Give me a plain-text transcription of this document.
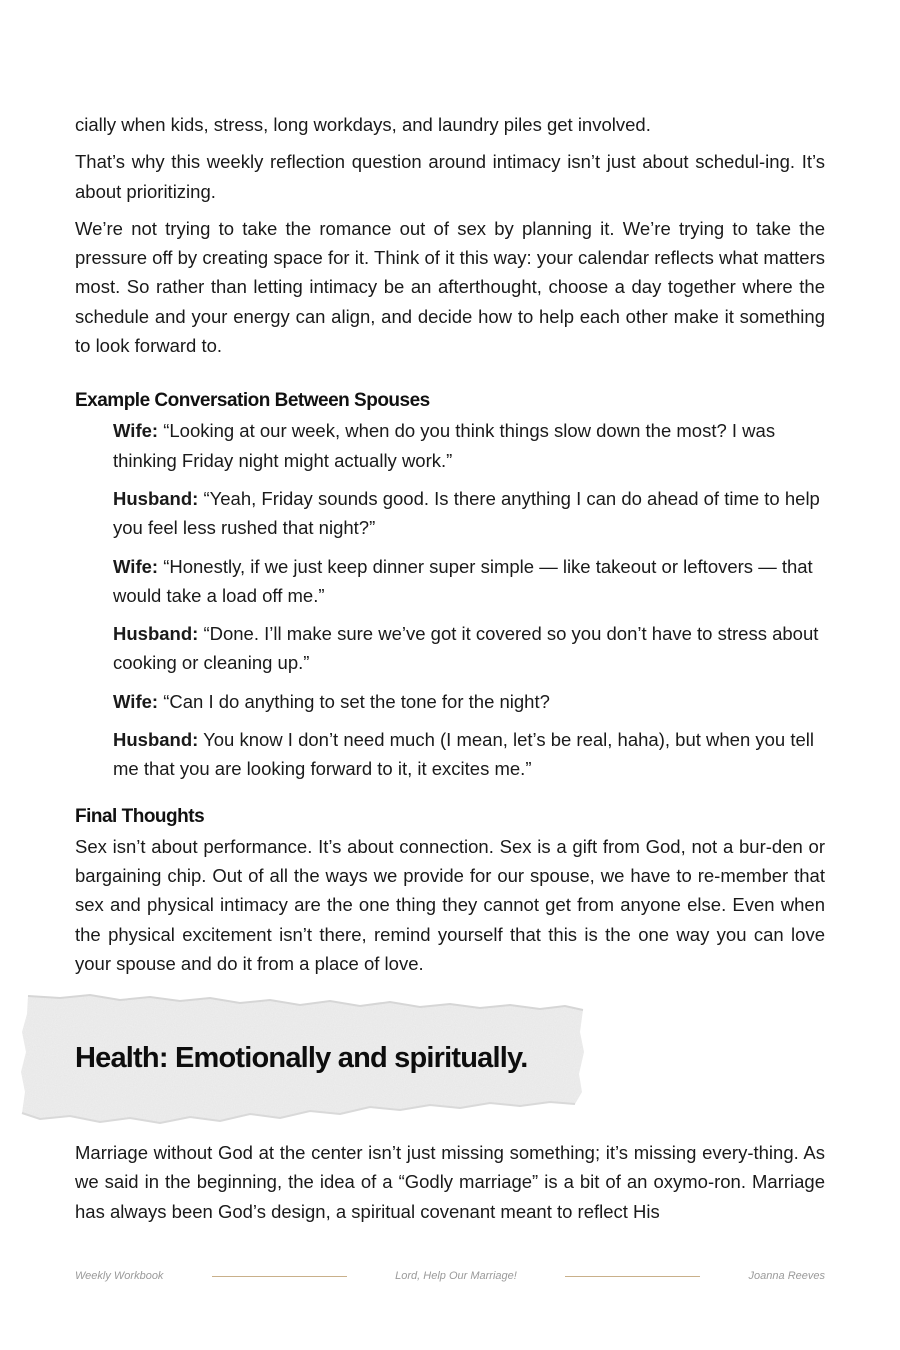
cially when kids, stress, long workdays, and laundry piles get involved.

That’s why this weekly reflection question around intimacy isn’t just about schedul-ing. It’s about prioritizing.

We’re not trying to take the romance out of sex by planning it. We’re trying to take the pressure off by creating space for it. Think of it this way: your calendar reflects what matters most. So rather than letting intimacy be an afterthought, choose a day together where the schedule and your energy can align, and decide how to help each other make it something to look forward to.

Example Conversation Between Spouses

Wife: “Looking at our week, when do you think things slow down the most? I was thinking Friday night might actually work.”

Husband: “Yeah, Friday sounds good. Is there anything I can do ahead of time to help you feel less rushed that night?”

Wife: “Honestly, if we just keep dinner super simple — like takeout or leftovers — that would take a load off me.”

Husband: “Done. I’ll make sure we’ve got it covered so you don’t have to stress about cooking or cleaning up.”

Wife: “Can I do anything to set the tone for the night?

Husband: You know I don’t need much (I mean, let’s be real, haha), but when you tell me that you are looking forward to it, it excites me.”

Final Thoughts

Sex isn’t about performance. It’s about connection. Sex is a gift from God, not a bur-den or bargaining chip. Out of all the ways we provide for our spouse, we have to re-member that sex and physical intimacy are the one thing they cannot get from anyone else. Even when the physical excitement isn’t there, remind yourself that this is the one way you can love your spouse and do it from a place of love.

Health: Emotionally and spiritually.

Marriage without God at the center isn’t just missing something; it’s missing every-thing. As we said in the beginning, the idea of a “Godly marriage” is a bit of an oxymo-ron. Marriage has always been God’s design, a spiritual covenant meant to reflect His

Weekly Workbook	Lord, Help Our Marriage!	Joanna Reeves
